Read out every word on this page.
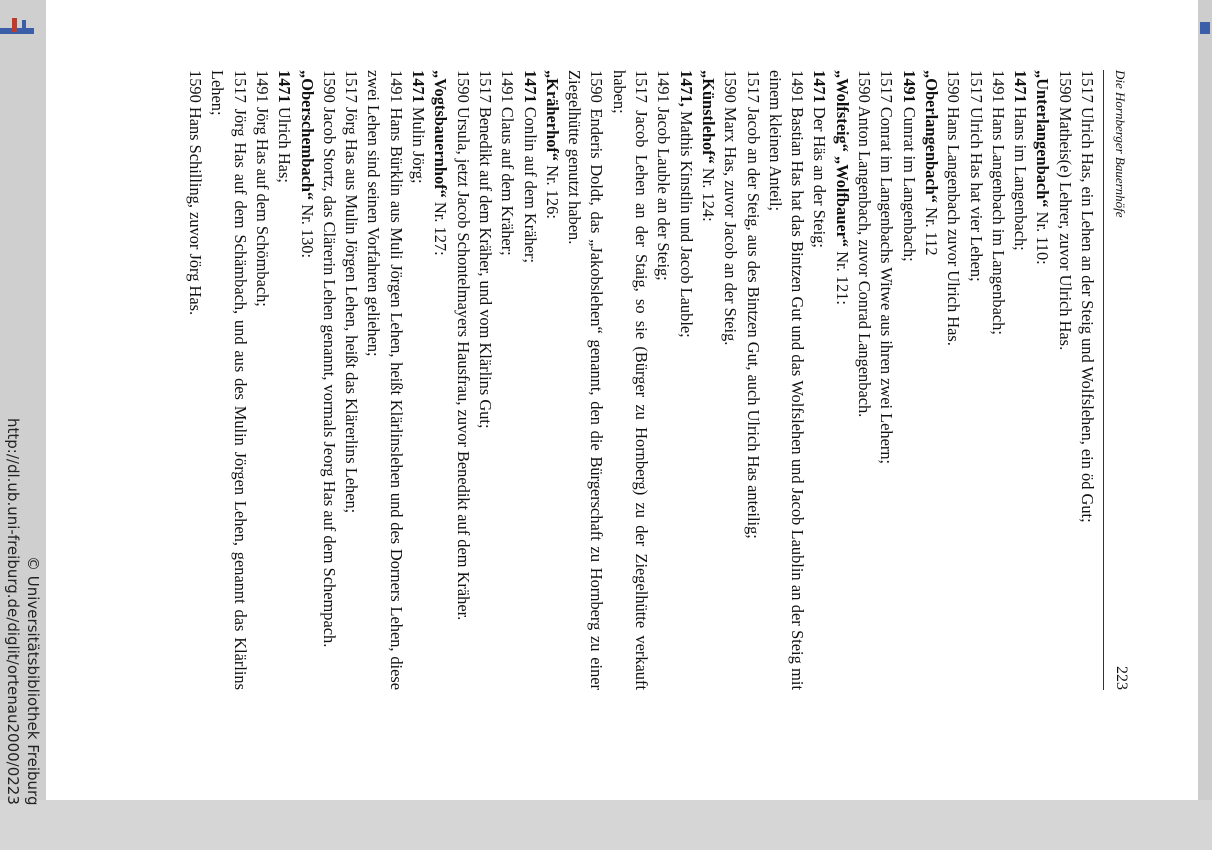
http://dl.ub.uni-freiburg.de/diglit/ortenau2000/0223 © Universitätsbibliothek Freiburg
Die Hornberger Bauernhöfe
223

1517 Ulrich Has, ein Lehen an der Steig und Wolfslehen, ein öd Gut;

1590 Matheis(e) Lehrer, zuvor Ulrich Has.

„Unterlangenbach“ Nr. 110:

1471 Hans im Langenbach;

1491 Hans Langenbach im Langenbach;

1517 Ulrich Has hat vier Lehen;

1590 Hans Langenbach zuvor Ulrich Has.

„Oberlangenbach“ Nr. 112

1491 Cunrat im Langenbach;

1517 Conrat im Langenbachs Witwe aus ihren zwei Lehern;

1590 Anton Langenbach, zuvor Conrad Langenbach.

„Wolfsteig“ „Wolfbauer“ Nr. 121:

1471 Der Häs an der Steig;

1491 Bastian Has hat das Bintzen Gut und das Wolfslehen und Jacob Laublin an der Steig mit einem kleinen Anteil;

1517 Jacob an der Steig, aus des Bintzen Gut, auch Ulrich Has anteilig;

1590 Marx Has, zuvor Jacob an der Steig.

„Künstlehof“ Nr. 124:

1471, Mathis Kinstlin und Jacob Lauble;

1491 Jacob Lauble an der Steig;

1517 Jacob Lehen an der Staig, so sie (Bürger zu Hornberg) zu der Ziegelhütte verkauft haben;

1590 Enderis Doldt, das „Jakobslehen“ genannt, den die Bürgerschaft zu Hornberg zu einer Ziegelhütte genutzt haben.

„Kräherhof“ Nr. 126:

1471 Conlin auf dem Kräher;

1491 Claus auf dem Kräher;

1517 Benedikt auf dem Kräher, und vom Klärlins Gut;

1590 Ursula, jetzt Jacob Schontelmayers Hausfrau, zuvor Benedikt auf dem Kräher.

„Vogtsbauernhof“ Nr. 127:

1471 Mulin Jörg;

1491 Hans Bürklin aus Muli Jörgen Lehen, heißt Klärlinslehen und des Dorners Lehen, diese zwei Lehen sind seinen Vorfahren geliehen;

1517 Jörg Has aus Mulin Jörgen Lehen, heißt das Klärerlins Lehen;

1590 Jacob Stortz, das Clärerin Lehen genannt, vormals Jeorg Has auf dem Schempach.

„Oberschembach“ Nr. 130:

1471 Ulrich Has;

1491 Jörg Has auf dem Schömbach;

1517 Jörg Has auf dem Schämbach, und aus des Mulin Jörgen Lehen, genannt das Klärlins Lehen;

1590 Hans Schilling, zuvor Jörg Has.
